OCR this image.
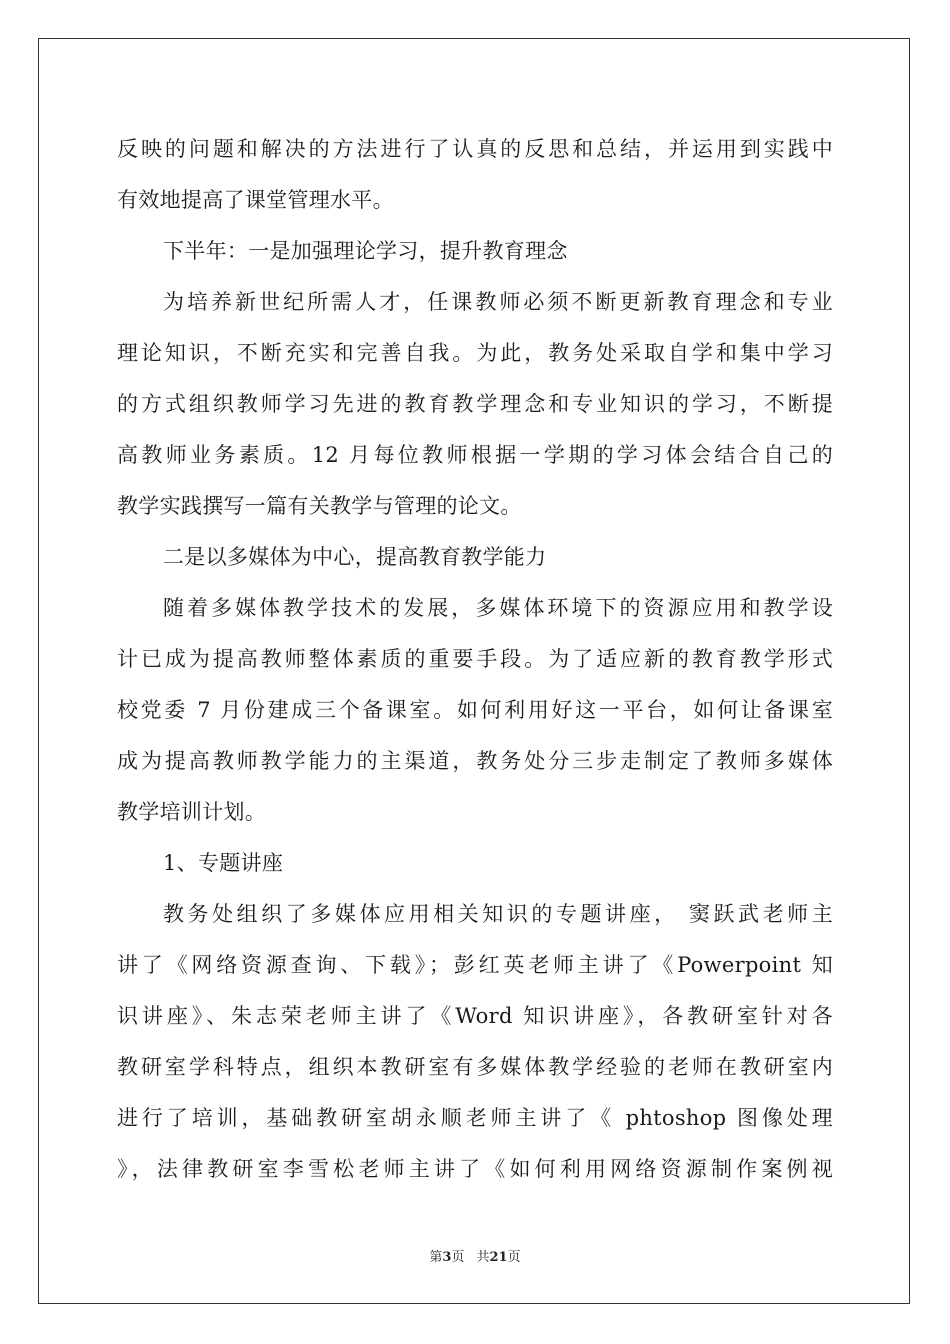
反映的问题和解决的方法进行了认真的反思和总结，并运用到实践中
有效地提高了课堂管理水平。
下半年：一是加强理论学习，提升教育理念
为培养新世纪所需人才，任课教师必须不断更新教育理念和专业
理论知识，不断充实和完善自我。为此，教务处采取自学和集中学习
的方式组织教师学习先进的教育教学理念和专业知识的学习，不断提
高教师业务素质。12 月每位教师根据一学期的学习体会结合自己的
教学实践撰写一篇有关教学与管理的论文。
二是以多媒体为中心，提高教育教学能力
随着多媒体教学技术的发展，多媒体环境下的资源应用和教学设
计已成为提高教师整体素质的重要手段。为了适应新的教育教学形式
校党委 7 月份建成三个备课室。如何利用好这一平台，如何让备课室
成为提高教师教学能力的主渠道，教务处分三步走制定了教师多媒体
教学培训计划。
1、专题讲座
教务处组织了多媒体应用相关知识的专题讲座， 窦跃武老师主
讲了《网络资源查询、下载》；彭红英老师主讲了《Powerpoint 知
识讲座》、朱志荣老师主讲了《Word 知识讲座》，各教研室针对各
教研室学科特点，组织本教研室有多媒体教学经验的老师在教研室内
进行了培训，基础教研室胡永顺老师主讲了《 phtoshop 图像处理
》，法律教研室李雪松老师主讲了《如何利用网络资源制作案例视
第3页 共21页
